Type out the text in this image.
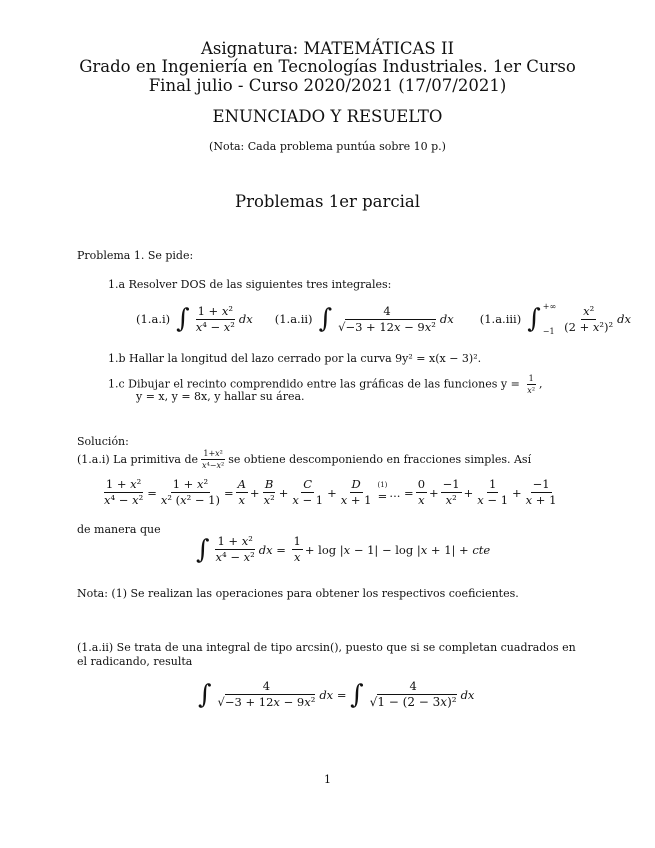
Asignatura: MATEMÁTICAS II
Grado en Ingeniería en Tecnologías Industriales. 1er Curso
Final julio - Curso 2020/2021 (17/07/2021)
ENUNCIADO Y RESUELTO
(Nota: Cada problema puntúa sobre 10 p.)
Problemas 1er parcial
Problema 1. Se pide:
1.a Resolver DOS de las siguientes tres integrales:
(1.a.i) ∫ $\frac{\text{1 + x²}}{\text{x⁴ − x²}}$ dx (1.a.ii) ∫ $\frac{4}{\text{√−3 + 12x − 9x²}}$ dx (1.a.iii) ∫ +∞
$-1 \frac{\text{x²}}{\text{(2 + x²)²}}$ dx
1.b Hallar la longitud del lazo cerrado por la curva 9y² = x(x − 3)².
1.c Dibujar el recinto comprendido entre las gráficas de las funciones $y = \frac{1}{\text{x²}}$ ,
y = x, y = 8x, y hallar su área.
Solución:
(1.a.i) La primitiva de $\frac{\text{1+x²}}{\text{x⁴−x²}}$ se obtiene descomponiendo en fracciones simples. Así
$\frac{\text{1 + x²}}{\text{x⁴ − x²}} = \frac{\text{1 + x²}}{\text{x² (x² − 1)}} = \frac{A}{x} + \frac{B}{\text{x²}} + \frac{C}{x - 1} + \frac{D}{x + 1} (1)$
= ... = $\frac{0}{x} + \frac{-1}{\text{x²}} + \frac{1}{x - 1} + \frac{-1}{x + 1}$
de manera que
∫ $\frac{\text{1 + x²}}{\text{x⁴ − x²}}$ dx = $\frac{1}{x} + \log |x - 1| - \log |x + 1|$ + cte
Nota: (1) Se realizan las operaciones para obtener los respectivos coeficientes.
(1.a.ii) Se trata de una integral de tipo arcsin(), puesto que si se completan cuadrados en el radicando, resulta
∫ $\frac{4}{\text{√−3 + 12x − 9x²}}$ dx = ∫ $\frac{4}{\text{√1 − (2 − 3x)²}}$ dx
1
